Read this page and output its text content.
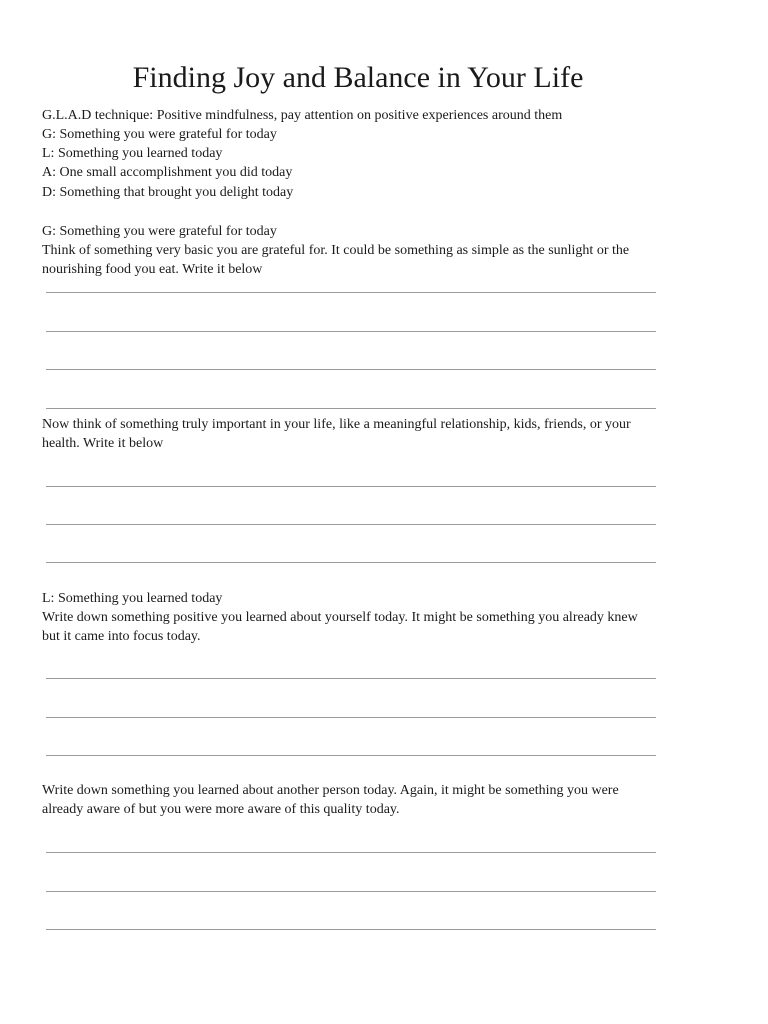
Finding Joy and Balance in Your Life
G.L.A.D technique: Positive mindfulness, pay attention on positive experiences around them
G: Something you were grateful for today
L: Something you learned today
A: One small accomplishment you did today
D: Something that brought you delight today
G: Something you were grateful for today
Think of something very basic you are grateful for. It could be something as simple as the sunlight or the nourishing food you eat. Write it below
Now think of something truly important in your life, like a meaningful relationship, kids, friends, or your health. Write it below
L: Something you learned today
Write down something positive you learned about yourself today. It might be something you already knew but it came into focus today.
Write down something you learned about another person today. Again, it might be something you were already aware of but you were more aware of this quality today.
